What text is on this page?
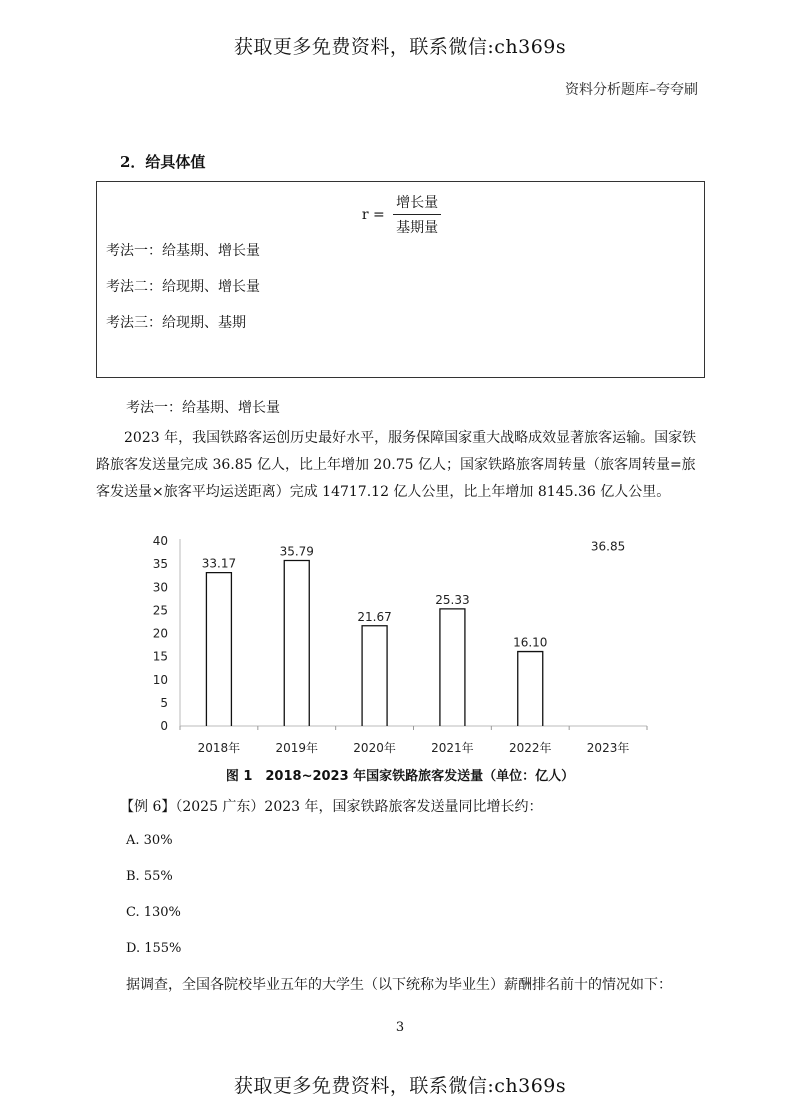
获取更多免费资料，联系微信:ch369s
资料分析题库–夸夸刷
2．给具体值
$r = \frac{\text{增长量}}{\text{基期量}}$
考法一：给基期、增长量
考法二：给现期、增长量
考法三：给现期、基期
考法一：给基期、增长量
2023 年，我国铁路客运创历史最好水平，服务保障国家重大战略成效显著旅客运输。国家铁路旅客发送量完成 36.85 亿人，比上年增加 20.75 亿人；国家铁路旅客周转量（旅客周转量=旅客发送量×旅客平均运送距离）完成 14717.12 亿人公里，比上年增加 8145.36 亿人公里。
0
5
10
15
20
25
30
35
40
33.17
2018年
35.79
2019年
21.67
2020年
25.33
2021年
16.10
2022年
36.85
2023年
图 1　2018~2023 年国家铁路旅客发送量（单位：亿人）
【例 6】（2025 广东）2023 年，国家铁路旅客发送量同比增长约：
A. 30%
B. 55%
C. 130%
D. 155%
据调查，全国各院校毕业五年的大学生（以下统称为毕业生）薪酬排名前十的情况如下：
3
获取更多免费资料，联系微信:ch369s
